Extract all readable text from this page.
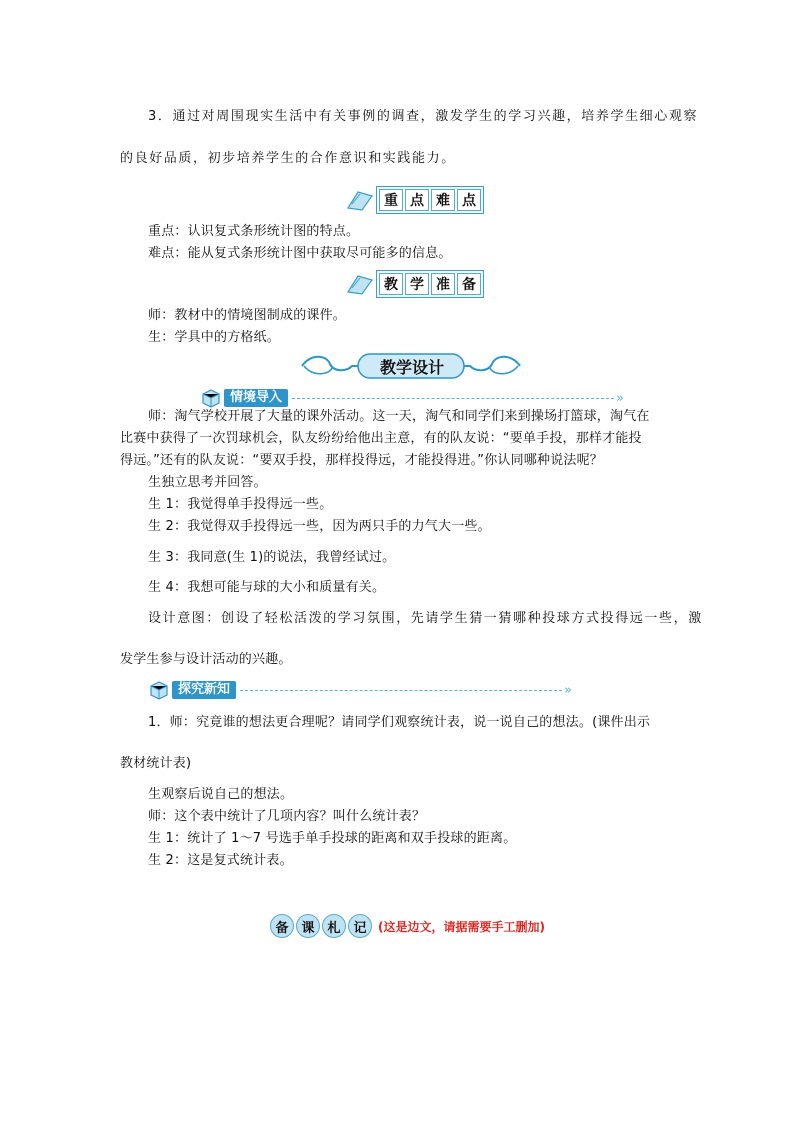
3．通过对周围现实生活中有关事例的调查，激发学生的学习兴趣，培养学生细心观察
的良好品质，初步培养学生的合作意识和实践能力。
重 点 难 点
重点：认识复式条形统计图的特点。
难点：能从复式条形统计图中获取尽可能多的信息。
教 学 准 备
师：教材中的情境图制成的课件。
生：学具中的方格纸。
教学设计
情境导入	»
师：淘气学校开展了大量的课外活动。这一天，淘气和同学们来到操场打篮球，淘气在
比赛中获得了一次罚球机会，队友纷纷给他出主意，有的队友说：“要单手投，那样才能投
得远。”还有的队友说：“要双手投，那样投得远，才能投得进。”你认同哪种说法呢？
生独立思考并回答。
生 1：我觉得单手投得远一些。
生 2：我觉得双手投得远一些，因为两只手的力气大一些。
生 3：我同意(生 1)的说法，我曾经试过。
生 4：我想可能与球的大小和质量有关。
设计意图：创设了轻松活泼的学习氛围，先请学生猜一猜哪种投球方式投得远一些，激
发学生参与设计活动的兴趣。
探究新知	»
1．师：究竟谁的想法更合理呢？请同学们观察统计表，说一说自己的想法。(课件出示
教材统计表)
生观察后说自己的想法。
师：这个表中统计了几项内容？叫什么统计表？
生 1：统计了 1～7 号选手单手投球的距离和双手投球的距离。
生 2：这是复式统计表。
备 课 札 记 (这是边文，请据需要手工删加)
